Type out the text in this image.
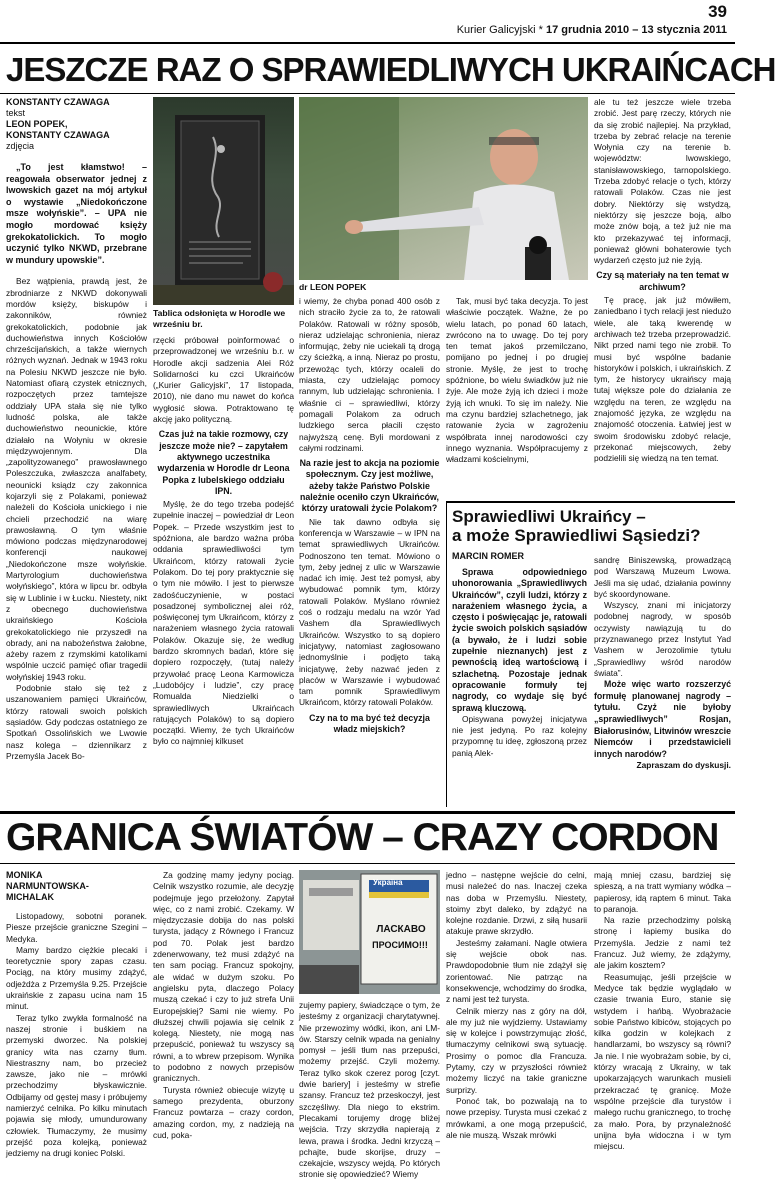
39
Kurier Galicyjski * 17 grudnia 2010 – 13 stycznia 2011
JESZCZE RAZ O SPRAWIEDLIWYCH UKRAIŃCACH
KONSTANTY CZAWAGA
tekst
LEON POPEK,
KONSTANTY CZAWAGA
zdjęcia

„To jest kłamstwo! – reagowała obserwator jednej z lwowskich gazet na mój artykuł o wystawie „Niedokończone msze wołyńskie”. – UPA nie mogło mordować księży grekokatolickich. To mogło uczynić tylko NKWD, przebrane w mundury upowskie”.

Bez wątpienia, prawdą jest, że zbrodniarze z NKWD dokonywali mordów księży, biskupów i zakonników, również grekokatolickich, podobnie jak duchowieństwa innych Kościołów chrześcijańskich, a także wiernych różnych wyznań. Jednak w 1943 roku na Polesiu NKWD jeszcze nie było. Natomiast ofiarą czystek etnicznych, rozpoczętych przez tamtejsze oddziały UPA stała się nie tylko ludność polska, ale także duchowieństwo neounickie, które działało na Wołyniu w okresie międzywojennym. Dla „zapolityzowanego” prawosławnego Poleszczuka, zwłaszcza analfabety, neounicki ksiądz czy zakonnica kojarzyli się z Polakami, ponieważ należeli do Kościoła unickiego i nie chcieli przechodzić na wiarę prawosławną. O tym właśnie mówiono podczas międzynarodowej konferencji naukowej „Niedokończone msze wołyńskie. Martyrologium duchowieństwa wołyńskiego”, która w lipcu br. odbyła się w Lublinie i w Łucku. Niestety, nikt z obecnego duchowieństwa ukraińskiego Kościoła grekokatolickiego nie przyszedł na obrady, ani na nabożeństwa żałobne, ażeby razem z rzymskimi katolikami wspólnie uczcić pamięć ofiar tragedii wołyńskiej 1943 roku.

Podobnie stało się też z uszanowaniem pamięci Ukraińców, którzy ratowali swoich polskich sąsiadów. Gdy podczas ostatniego ze Spotkań Ossolińskich we Lwowie nasz kolega – dziennikarz z Przemyśla Jacek Bo-

Tablica odsłonięta w Horodle we wrześniu br.
dr LEON POPEK

rzęcki próbował poinformować o przeprowadzonej we wrześniu b.r. w Horodle akcji sadzenia Alei Róż Solidarności ku czci Ukraińców („Kurier Galicyjski”, 17 listopada, 2010), nie dano mu nawet do końca wygłosić słowa. Potraktowano tę akcję jako polityczną.

Czas już na takie rozmowy, czy jeszcze może nie? – zapytałem aktywnego uczestnika wydarzenia w Horodle dr Leona Popka z lubelskiego oddziału IPN.

Myślę, że do tego trzeba podejść zupełnie inaczej – powiedział dr Leon Popek. – Przede wszystkim jest to spóźniona, ale bardzo ważna próba oddania sprawiedliwości tym Ukraińcom, którzy ratowali życie Polakom. Do tej pory praktycznie się o tym nie mówiło. I jest to pierwsze zadośćuczynienie, w postaci posadzonej symbolicznej alei róż, poświęconej tym Ukraińcom, którzy z narażeniem własnego życia ratowali Polaków. Okazuje się, że według bardzo skromnych badań, które się dopiero rozpoczęły, (tutaj należy przywołać pracę Leona Karmowicza „Ludobójcy i ludzie”, czy pracę Romualda Niedzielki o sprawiedliwych Ukraińcach ratujących Polaków) to są dopiero początki. Wiemy, że tych Ukraińców było co najmniej kilkuset

i wiemy, że chyba ponad 400 osób z nich straciło życie za to, że ratowali Polaków. Ratowali w różny sposób, nieraz udzielając schronienia, nieraz informując, żeby nie uciekali tą drogą czy ścieżką, a inną. Nieraz po prostu, przewożąc tych, którzy ocaleli do miasta, czy udzielając pomocy rannym, lub udzielając schronienia. I właśnie ci – sprawiedliwi, którzy pomagali Polakom za odruch ludzkiego serca płacili często najwyższą cenę. Byli mordowani z całymi rodzinami.

Na razie jest to akcja na poziomie społecznym. Czy jest możliwe, ażeby także Państwo Polskie należnie oceniło czyn Ukraińców, którzy uratowali życie Polakom?

Nie tak dawno odbyła się konferencja w Warszawie – w IPN na temat sprawiedliwych Ukraińców. Podnoszono ten temat. Mówiono o tym, żeby jednej z ulic w Warszawie nadać ich imię. Jest też pomysł, aby wybudować pomnik tym, którzy ratowali Polaków. Myślano również coś o rodzaju medalu na wzór Yad Vashem dla Sprawiedliwych Ukraińców. Wszystko to są dopiero inicjatywy, natomiast zagłosowano jednomyślnie i podjęto taką inicjatywę, żeby nazwać jeden z placów w Warszawie i wybudować tam pomnik Sprawiedliwym Ukraińcom, którzy ratowali Polaków.

Czy na to ma być też decyzja władz miejskich?

Tak, musi być taka decyzja. To jest właściwie początek. Ważne, że po wielu latach, po ponad 60 latach, zwrócono na to uwagę. Do tej pory ten temat jakoś przemilczano, pomijano po jednej i po drugiej stronie. Myślę, że jest to trochę spóźnione, bo wielu świadków już nie żyje. Ale może żyją ich dzieci i może żyją ich wnuki. To się im należy. Nie ma czynu bardziej szlachetnego, jak ratowanie życia w zagrożeniu współbrata innej narodowości czy innego wyznania. Współpracujemy z władzami kościelnymi,

ale tu też jeszcze wiele trzeba zrobić. Jest parę rzeczy, których nie da się zrobić najlepiej. Na przykład, trzeba by zebrać relacje na terenie Wołynia czy na terenie b. województw: lwowskiego, stanisławowskiego, tarnopolskiego. Trzeba zdobyć relacje o tych, którzy ratowali Polaków. Czas nie jest dobry. Niektórzy się wstydzą, niektórzy się jeszcze boją, albo może znów boją, a też już nie ma kto przekazywać tej informacji, ponieważ główni bohaterowie tych wydarzeń często już nie żyją.

Czy są materiały na ten temat w archiwum?

Tę pracę, jak już mówiłem, zaniedbano i tych relacji jest niedużo wiele, ale taką kwerendę w archiwach też trzeba przeprowadzić. Nikt przed nami tego nie zrobił. To musi być wspólne badanie historyków i polskich, i ukraińskich. Z tym, że historycy ukraińscy mają tutaj większe pole do działania ze względu na teren, ze względu na znajomość języka, ze względu na znajomość otoczenia. Łatwiej jest w swoim środowisku zdobyć relacje, przekonać miejscowych, żeby podzielili się wiedzą na ten temat.

Sprawiedliwi Ukraińcy –
a może Sprawiedliwi Sąsiedzi?
MARCIN ROMER

Sprawa odpowiedniego uhonorowania „Sprawiedliwych Ukraińców”, czyli ludzi, którzy z narażeniem własnego życia, a często i poświęcając je, ratowali życie swoich polskich sąsiadów (a bywało, że i ludzi sobie zupełnie nieznanych) jest z pewnością ideą wartościową i szlachetną. Pozostaje jednak opracowanie formuły tej nagrody, co wydaje się być sprawą kluczową.

Opisywana powyżej inicjatywa nie jest jedyną. Po raz kolejny przypomnę tu ideę, zgłoszoną przez panią Alek-

sandrę Biniszewską, prowadzącą pod Warszawą Muzeum Lwowa. Jeśli ma się udać, działania powinny być skoordynowane.

Wszyscy, znani mi inicjatorzy podobnej nagrody, w sposób oczywisty nawiązują tu do przyznawanego przez Instytut Yad Vashem w Jerozolimie tytułu „Sprawiedliwy wśród narodów świata”.

Może więc warto rozszerzyć formułę planowanej nagrody – tytułu. Czyż nie byłoby „sprawiedliwych” Rosjan, Białorusinów, Litwinów wreszcie Niemców i przedstawicieli innych narodów?

Zapraszam do dyskusji.

GRANICA ŚWIATÓW – CRAZY CORDON
MONIKA
NARMUNTOWSKA-
MICHALAK

Listopadowy, sobotni poranek. Piesze przejście graniczne Szegini – Medyka.

Mamy bardzo ciężkie plecaki i teoretycznie spory zapas czasu. Pociąg, na który musimy zdążyć, odjeżdża z Przemyśla 9.25. Przejście ukraińskie z zapasu ucina nam 15 minut.

Teraz tylko zwykła formalność na naszej stronie i buśkiem na przemyski dworzec. Na polskiej granicy wita nas czarny tłum. Niestraszny nam, bo przecież zawsze, jako nie – mrówki przechodzimy błyskawicznie. Odbijamy od gęstej masy i próbujemy namierzyć celnika. Po kilku minutach pojawia się młody, umundurowany człowiek. Tłumaczymy, że musimy przejść poza kolejką, ponieważ jedziemy na drugi koniec Polski.

Za godzinę mamy jedyny pociąg. Celnik wszystko rozumie, ale decyzję podejmuje jego przełożony. Zapytał więc, co z nami zrobić. Czekamy. W międzyczasie dobija do nas polski turysta, jadący z Równego i Francuz pod 70. Polak jest bardzo zdenerwowany, też musi zdążyć na ten sam pociąg. Francuz spokojny, ale widać w dużym szoku. Po angielsku pyta, dlaczego Polacy muszą czekać i czy to już strefa Unii Europejskiej? Sami nie wiemy. Po dłuższej chwili pojawia się celnik z kolegą. Niestety, nie mogą nas przepuścić, ponieważ tu wszyscy są równi, a to wbrew przepisom. Wynika to podobno z nowych przepisów granicznych.

Turysta również obiecuje wizytę u samego prezydenta, oburzony Francuz powtarza – crazy cordon, amazing cordon, my, z nadzieją na cud, poka-

Україна
ЛАСКАВО
ПРОСИМО!!!

zujemy papiery, świadczące o tym, że jesteśmy z organizacji charytatywnej. Nie przewozimy wódki, ikon, ani LM-ów. Starszy celnik wpada na genialny pomysł – jeśli tłum nas przepuści, możemy przejść. Czyli możemy. Teraz tylko skok czerez porog [czyt. dwie bariery] i jesteśmy w strefie szansy. Francuz też przeskoczył, jest szczęśliwy. Dla niego to ekstrim. Plecakami torujemy drogę bliżej wejścia. Trzy skrzydła napierają z lewa, prawa i środka. Jedni krzyczą – pchajte, bude skorijse, druzy – czekajcie, wszyscy wejdą. Po których stronie się opowiedzieć? Wiemy

jedno – następne wejście do celni, musi należeć do nas. Inaczej czeka nas doba w Przemyślu. Niestety, stoimy zbyt daleko, by zdążyć na kolejne rozdanie. Drzwi, z siłą husarii atakuje prawe skrzydło.

Jesteśmy załamani. Nagle otwiera się wejście obok nas. Prawdopodobnie tłum nie zdążył się zorientować. Nie patrząc na konsekwencje, wchodzimy do środka, z nami jest też turysta.

Celnik mierzy nas z góry na dół, ale my już nie wyjdziemy. Ustawiamy się w kolejce i powstrzymując złość, tłumaczymy celnikowi swą sytuację. Prosimy o pomoc dla Francuza. Pytamy, czy w przyszłości również możemy liczyć na takie graniczne surprizy.

Ponoć tak, bo pozwalają na to nowe przepisy. Turysta musi czekać z mrówkami, a one mogą przepuścić, ale nie muszą. Wszak mrówki

mają mniej czasu, bardziej się spieszą, a na tratt wymiany wódka – papierosy, idą raptem 6 minut. Taka to paranoja.

Na razie przechodzimy polską stronę i łapiemy busika do Przemyśla. Jedzie z nami też Francuz. Już wiemy, że zdążymy, ale jakim kosztem?

Reasumując, jeśli przejście w Medyce tak będzie wyglądało w czasie trwania Euro, stanie się wstydem i hańbą. Wyobrażacie sobie Państwo kibiców, stojących po kilka godzin w kolejkach z handlarzami, bo wszyscy są równi? Ja nie. I nie wyobrażam sobie, by ci, którzy wracają z Ukrainy, w tak upokarzających warunkach musieli przekraczać tę granicę. Może wspólne przejście dla turystów i małego ruchu granicznego, to trochę za mało. Pora, by przynależność unijna była widoczna i w tym miejscu.
